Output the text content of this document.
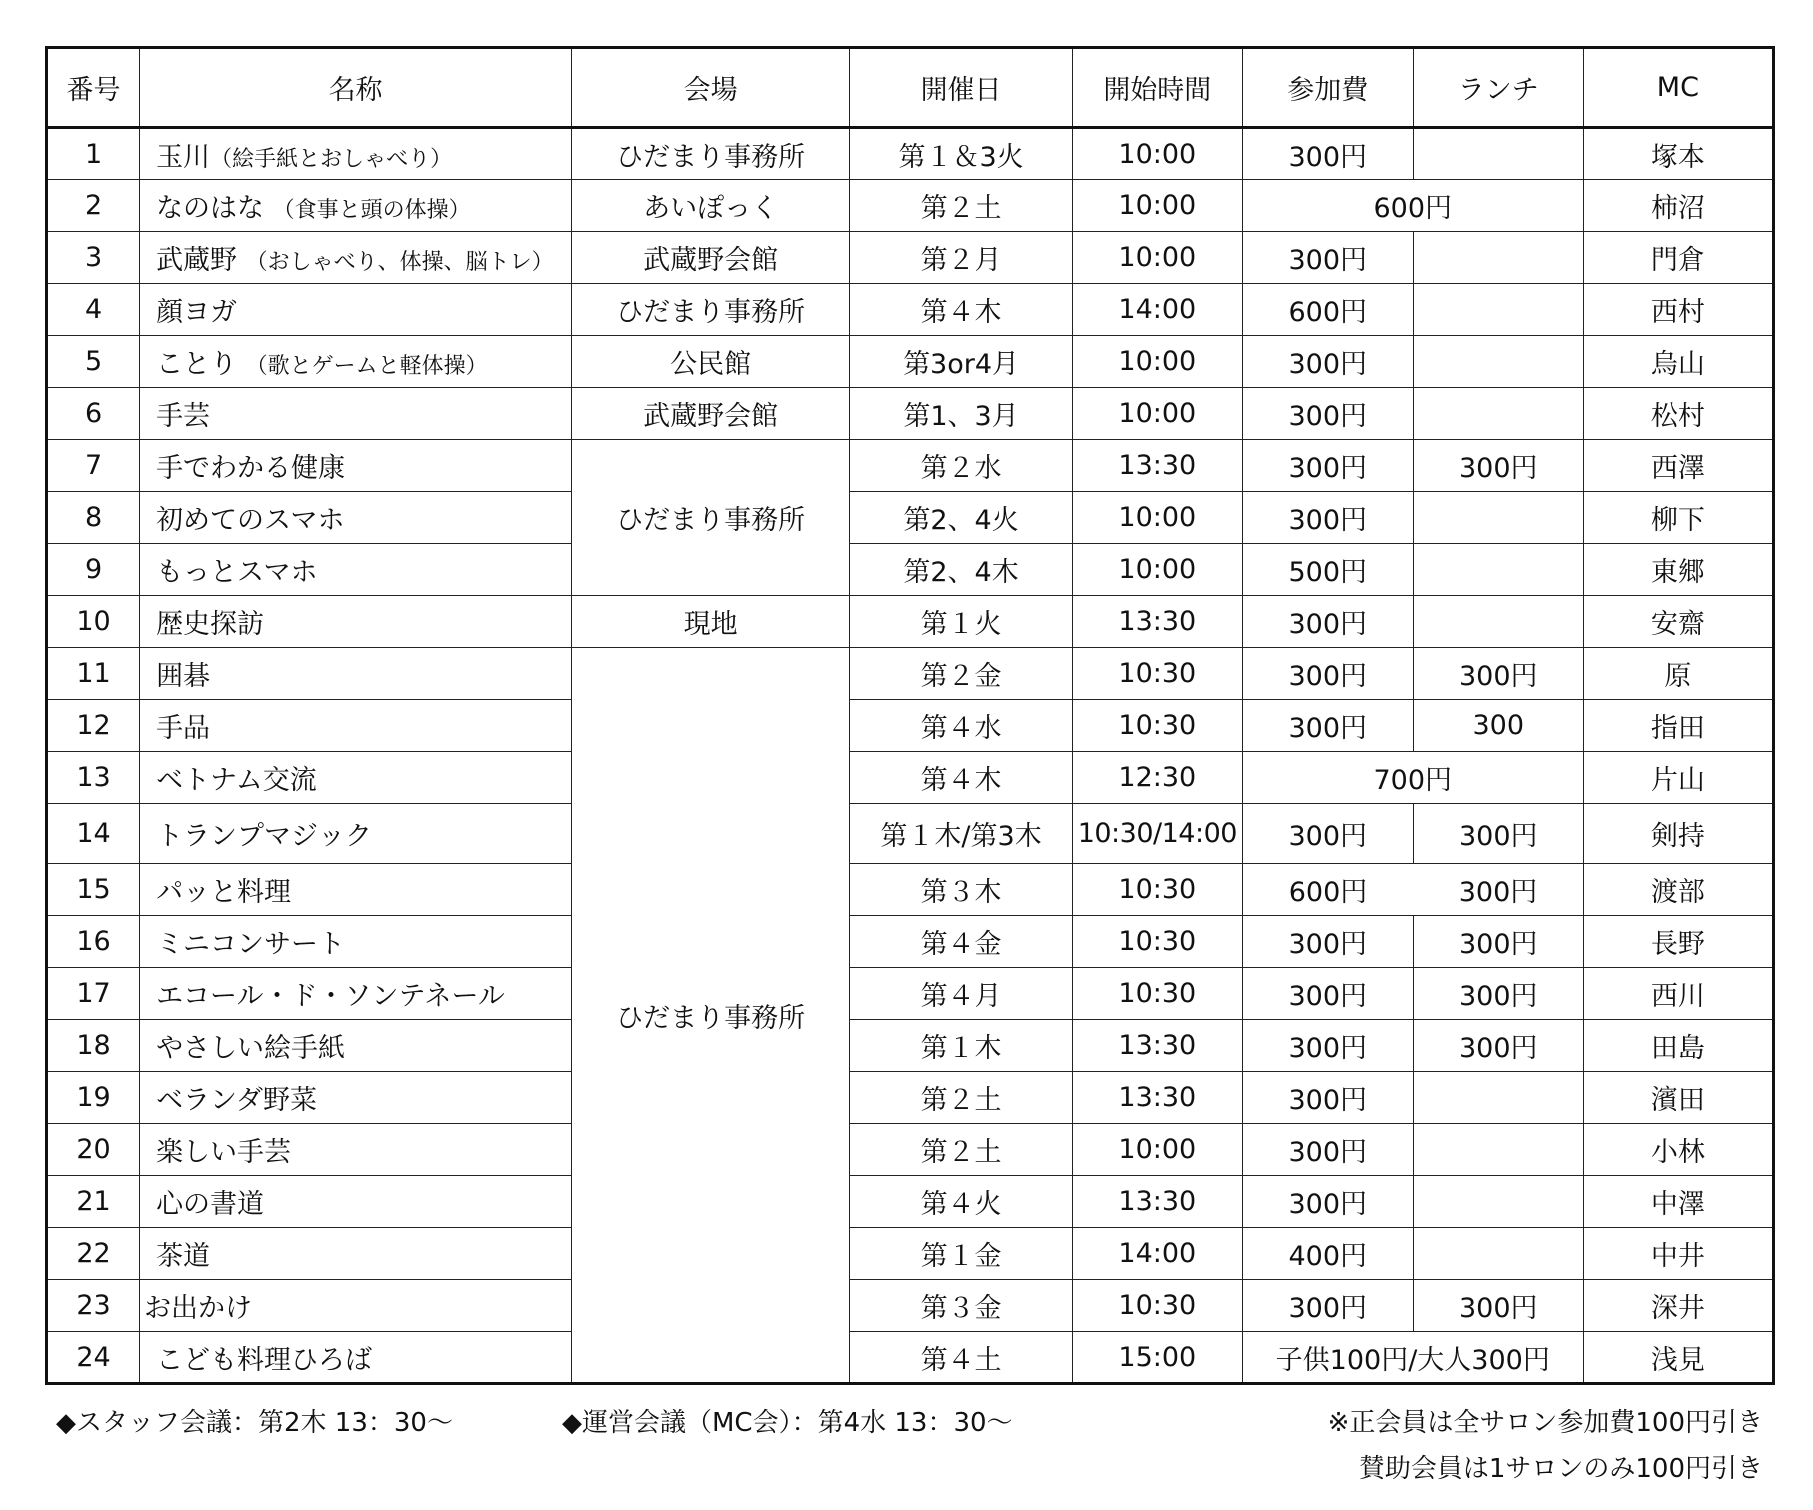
番号	名称	会場	開催日	開始時間	参加費	ランチ	MC
1	玉川（絵手紙とおしゃべり）	ひだまり事務所	第１＆3火	10:00	300円		塚本
2	なのはな （食事と頭の体操）	あいぽっく	第２土	10:00	600円		柿沼
3	武蔵野 （おしゃべり、体操、脳トレ）	武蔵野会館	第２月	10:00	300円		門倉
4	顔ヨガ	ひだまり事務所	第４木	14:00	600円		西村
5	ことり （歌とゲームと軽体操）	公民館	第3or4月	10:00	300円		烏山
6	手芸	武蔵野会館	第1、3月	10:00	300円		松村
7	手でわかる健康	ひだまり事務所	第２水	13:30	300円	300円	西澤
8	初めてのスマホ		第2、4火	10:00	300円		柳下
9	もっとスマホ		第2、4木	10:00	500円		東郷
10	歴史探訪	現地	第１火	13:30	300円		安齋
11	囲碁	ひだまり事務所	第２金	10:30	300円	300円	原
12	手品		第４水	10:30	300円	300	指田
13	ベトナム交流		第４木	12:30	700円		片山
14	トランプマジック		第１木/第3木	10:30/14:00	300円	300円	剣持
15	パッと料理		第３木	10:30	600円	300円	渡部
16	ミニコンサート		第４金	10:30	300円	300円	長野
17	エコール・ド・ソンテネール		第４月	10:30	300円	300円	西川
18	やさしい絵手紙		第１木	13:30	300円	300円	田島
19	ベランダ野菜		第２土	13:30	300円		濱田
20	楽しい手芸		第２土	10:00	300円		小林
21	心の書道		第４火	13:30	300円		中澤
22	茶道		第１金	14:00	400円		中井
23	お出かけ		第３金	10:30	300円	300円	深井
24	こども料理ひろば		第４土	15:00	子供100円/大人300円		浅見
◆スタッフ会議：第2木 13：30〜	◆運営会議（MC会）：第4水 13：30〜	※正会員は全サロン参加費100円引き
賛助会員は1サロンのみ100円引き
